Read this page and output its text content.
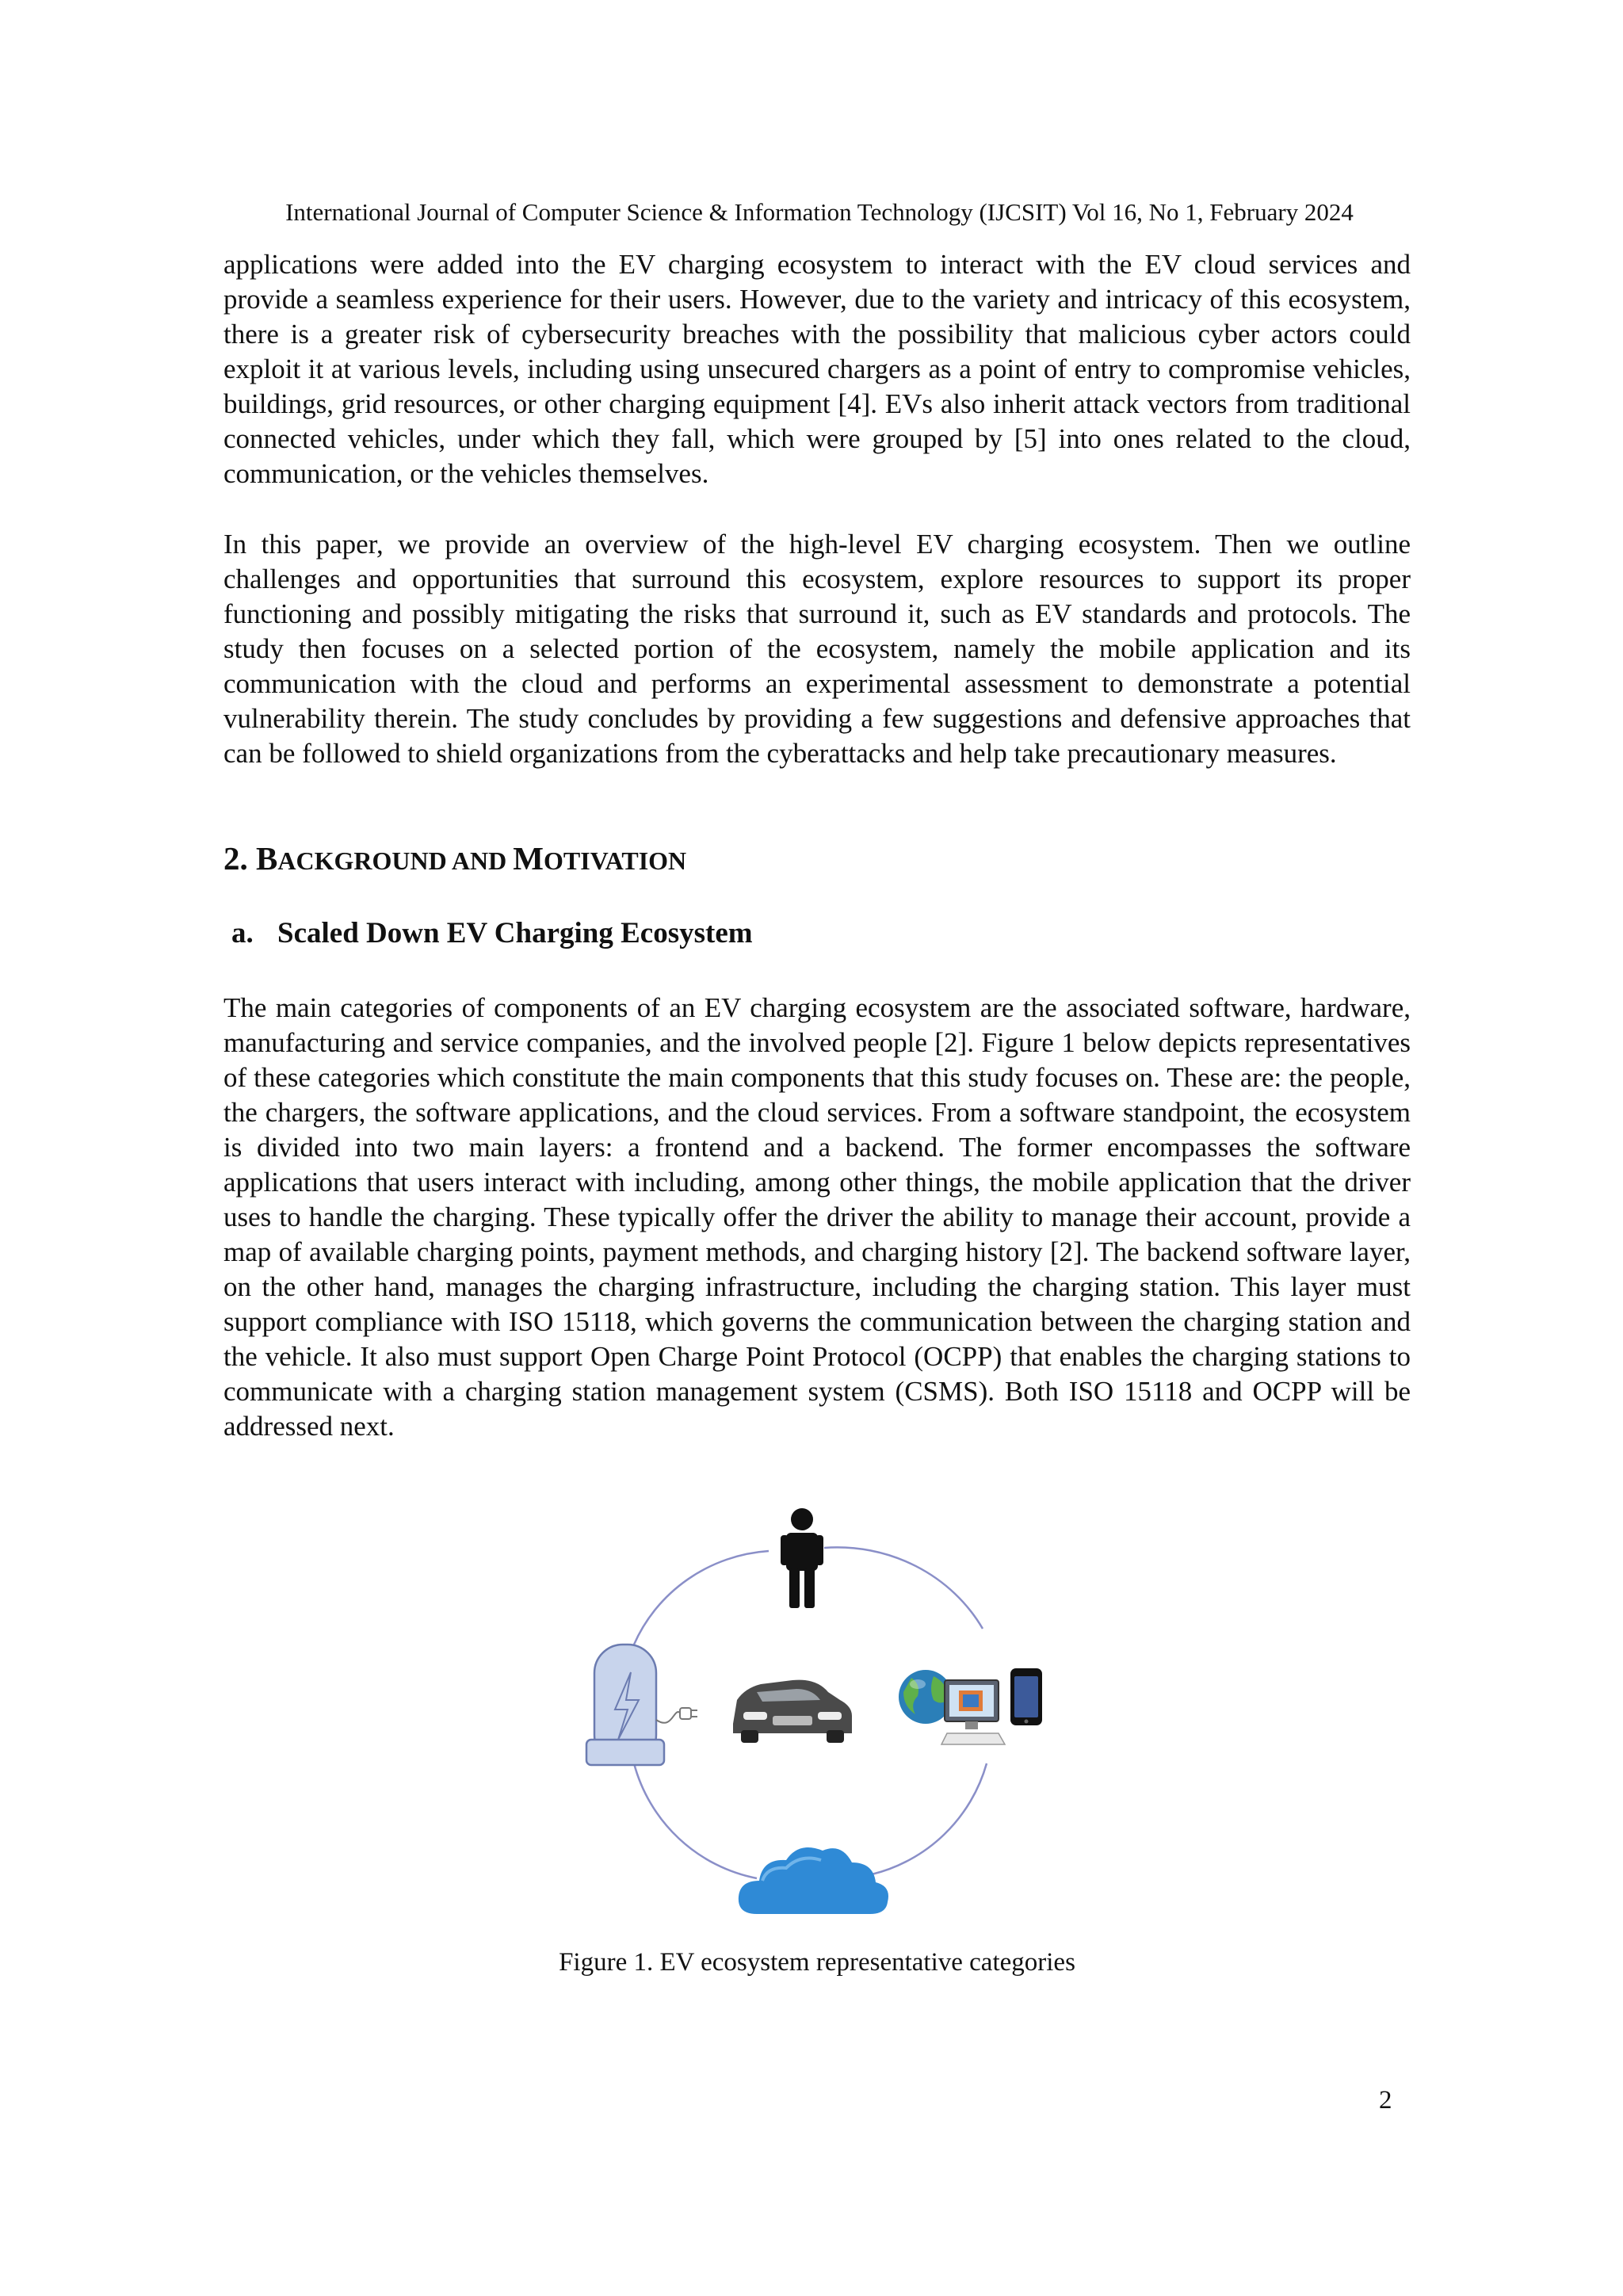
International Journal of Computer Science & Information Technology (IJCSIT) Vol 16, No 1, February 2024

applications were added into the EV charging ecosystem to interact with the EV cloud services and provide a seamless experience for their users. However, due to the variety and intricacy of this ecosystem, there is a greater risk of cybersecurity breaches with the possibility that malicious cyber actors could exploit it at various levels, including using unsecured chargers as a point of entry to compromise vehicles, buildings, grid resources, or other charging equipment [4]. EVs also inherit attack vectors from traditional connected vehicles, under which they fall, which were grouped by [5] into ones related to the cloud, communication, or the vehicles themselves.

In this paper, we provide an overview of the high-level EV charging ecosystem. Then we outline challenges and opportunities that surround this ecosystem, explore resources to support its proper functioning and possibly mitigating the risks that surround it, such as EV standards and protocols. The study then focuses on a selected portion of the ecosystem, namely the mobile application and its communication with the cloud and performs an experimental assessment to demonstrate a potential vulnerability therein. The study concludes by providing a few suggestions and defensive approaches that can be followed to shield organizations from the cyberattacks and help take precautionary measures.

2. BACKGROUND AND MOTIVATION
a. Scaled Down EV Charging Ecosystem

The main categories of components of an EV charging ecosystem are the associated software, hardware, manufacturing and service companies, and the involved people [2]. Figure 1 below depicts representatives of these categories which constitute the main components that this study focuses on. These are: the people, the chargers, the software applications, and the cloud services. From a software standpoint, the ecosystem is divided into two main layers: a frontend and a backend. The former encompasses the software applications that users interact with including, among other things, the mobile application that the driver uses to handle the charging. These typically offer the driver the ability to manage their account, provide a map of available charging points, payment methods, and charging history [2]. The backend software layer, on the other hand, manages the charging infrastructure, including the charging station. This layer must support compliance with ISO 15118, which governs the communication between the charging station and the vehicle. It also must support Open Charge Point Protocol (OCPP) that enables the charging stations to communicate with a charging station management system (CSMS). Both ISO 15118 and OCPP will be addressed next.

Figure 1. EV ecosystem representative categories
2
